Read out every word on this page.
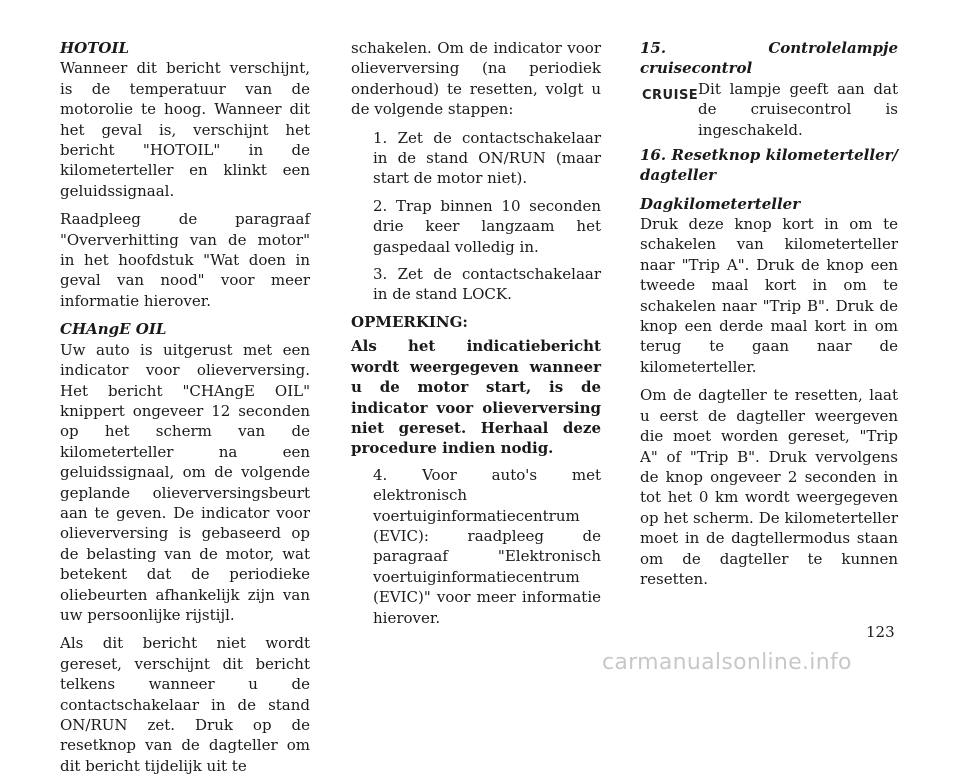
HOTOIL

Wanneer dit bericht verschijnt, is de temperatuur van de motorolie te hoog. Wanneer dit het geval is, verschijnt het bericht "HOTOIL" in de kilometerteller en klinkt een geluidssignaal.

Raadpleeg de paragraaf "Oververhitting van de motor" in het hoofdstuk "Wat doen in geval van nood" voor meer informatie hierover.

CHAngE OIL

Uw auto is uitgerust met een indicator voor olieverversing. Het bericht "CHAngE OIL" knippert ongeveer 12 seconden op het scherm van de kilometerteller na een geluidssignaal, om de volgende geplande olieverversingsbeurt aan te geven. De indicator voor olieverversing is gebaseerd op de belasting van de motor, wat betekent dat de periodieke oliebeurten afhankelijk zijn van uw persoonlijke rijstijl.

Als dit bericht niet wordt gereset, verschijnt dit bericht telkens wanneer u de contactschakelaar in de stand ON/RUN zet. Druk op de resetknop van de dagteller om dit bericht tijdelijk uit te

schakelen. Om de indicator voor olieverversing (na periodiek onderhoud) te resetten, volgt u de volgende stappen:

1. Zet de contactschakelaar in de stand ON/RUN (maar start de motor niet).

2. Trap binnen 10 seconden drie keer langzaam het gaspedaal volledig in.

3. Zet de contactschakelaar in de stand LOCK.

OPMERKING:

Als het indicatiebericht wordt weergegeven wanneer u de motor start, is de indicator voor olieverversing niet gereset. Herhaal deze procedure indien nodig.

4. Voor auto's met elektronisch voertuiginformatiecentrum (EVIC): raadpleeg de paragraaf "Elektronisch voertuiginformatiecentrum (EVIC)" voor meer informatie hierover.

15. Controlelampje cruisecontrol

CRUISE Dit lampje geeft aan dat de cruisecontrol is ingeschakeld.

16. Resetknop kilometerteller/ dagteller

Dagkilometerteller

Druk deze knop kort in om te schakelen van kilometerteller naar "Trip A". Druk de knop een tweede maal kort in om te schakelen naar "Trip B". Druk de knop een derde maal kort in om terug te gaan naar de kilometerteller.

Om de dagteller te resetten, laat u eerst de dagteller weergeven die moet worden gereset, "Trip A" of "Trip B". Druk vervolgens de knop ongeveer 2 seconden in tot het 0 km wordt weergegeven op het scherm. De kilometerteller moet in de dagtellermodus staan om de dagteller te kunnen resetten.

123
carmanualsonline.info
